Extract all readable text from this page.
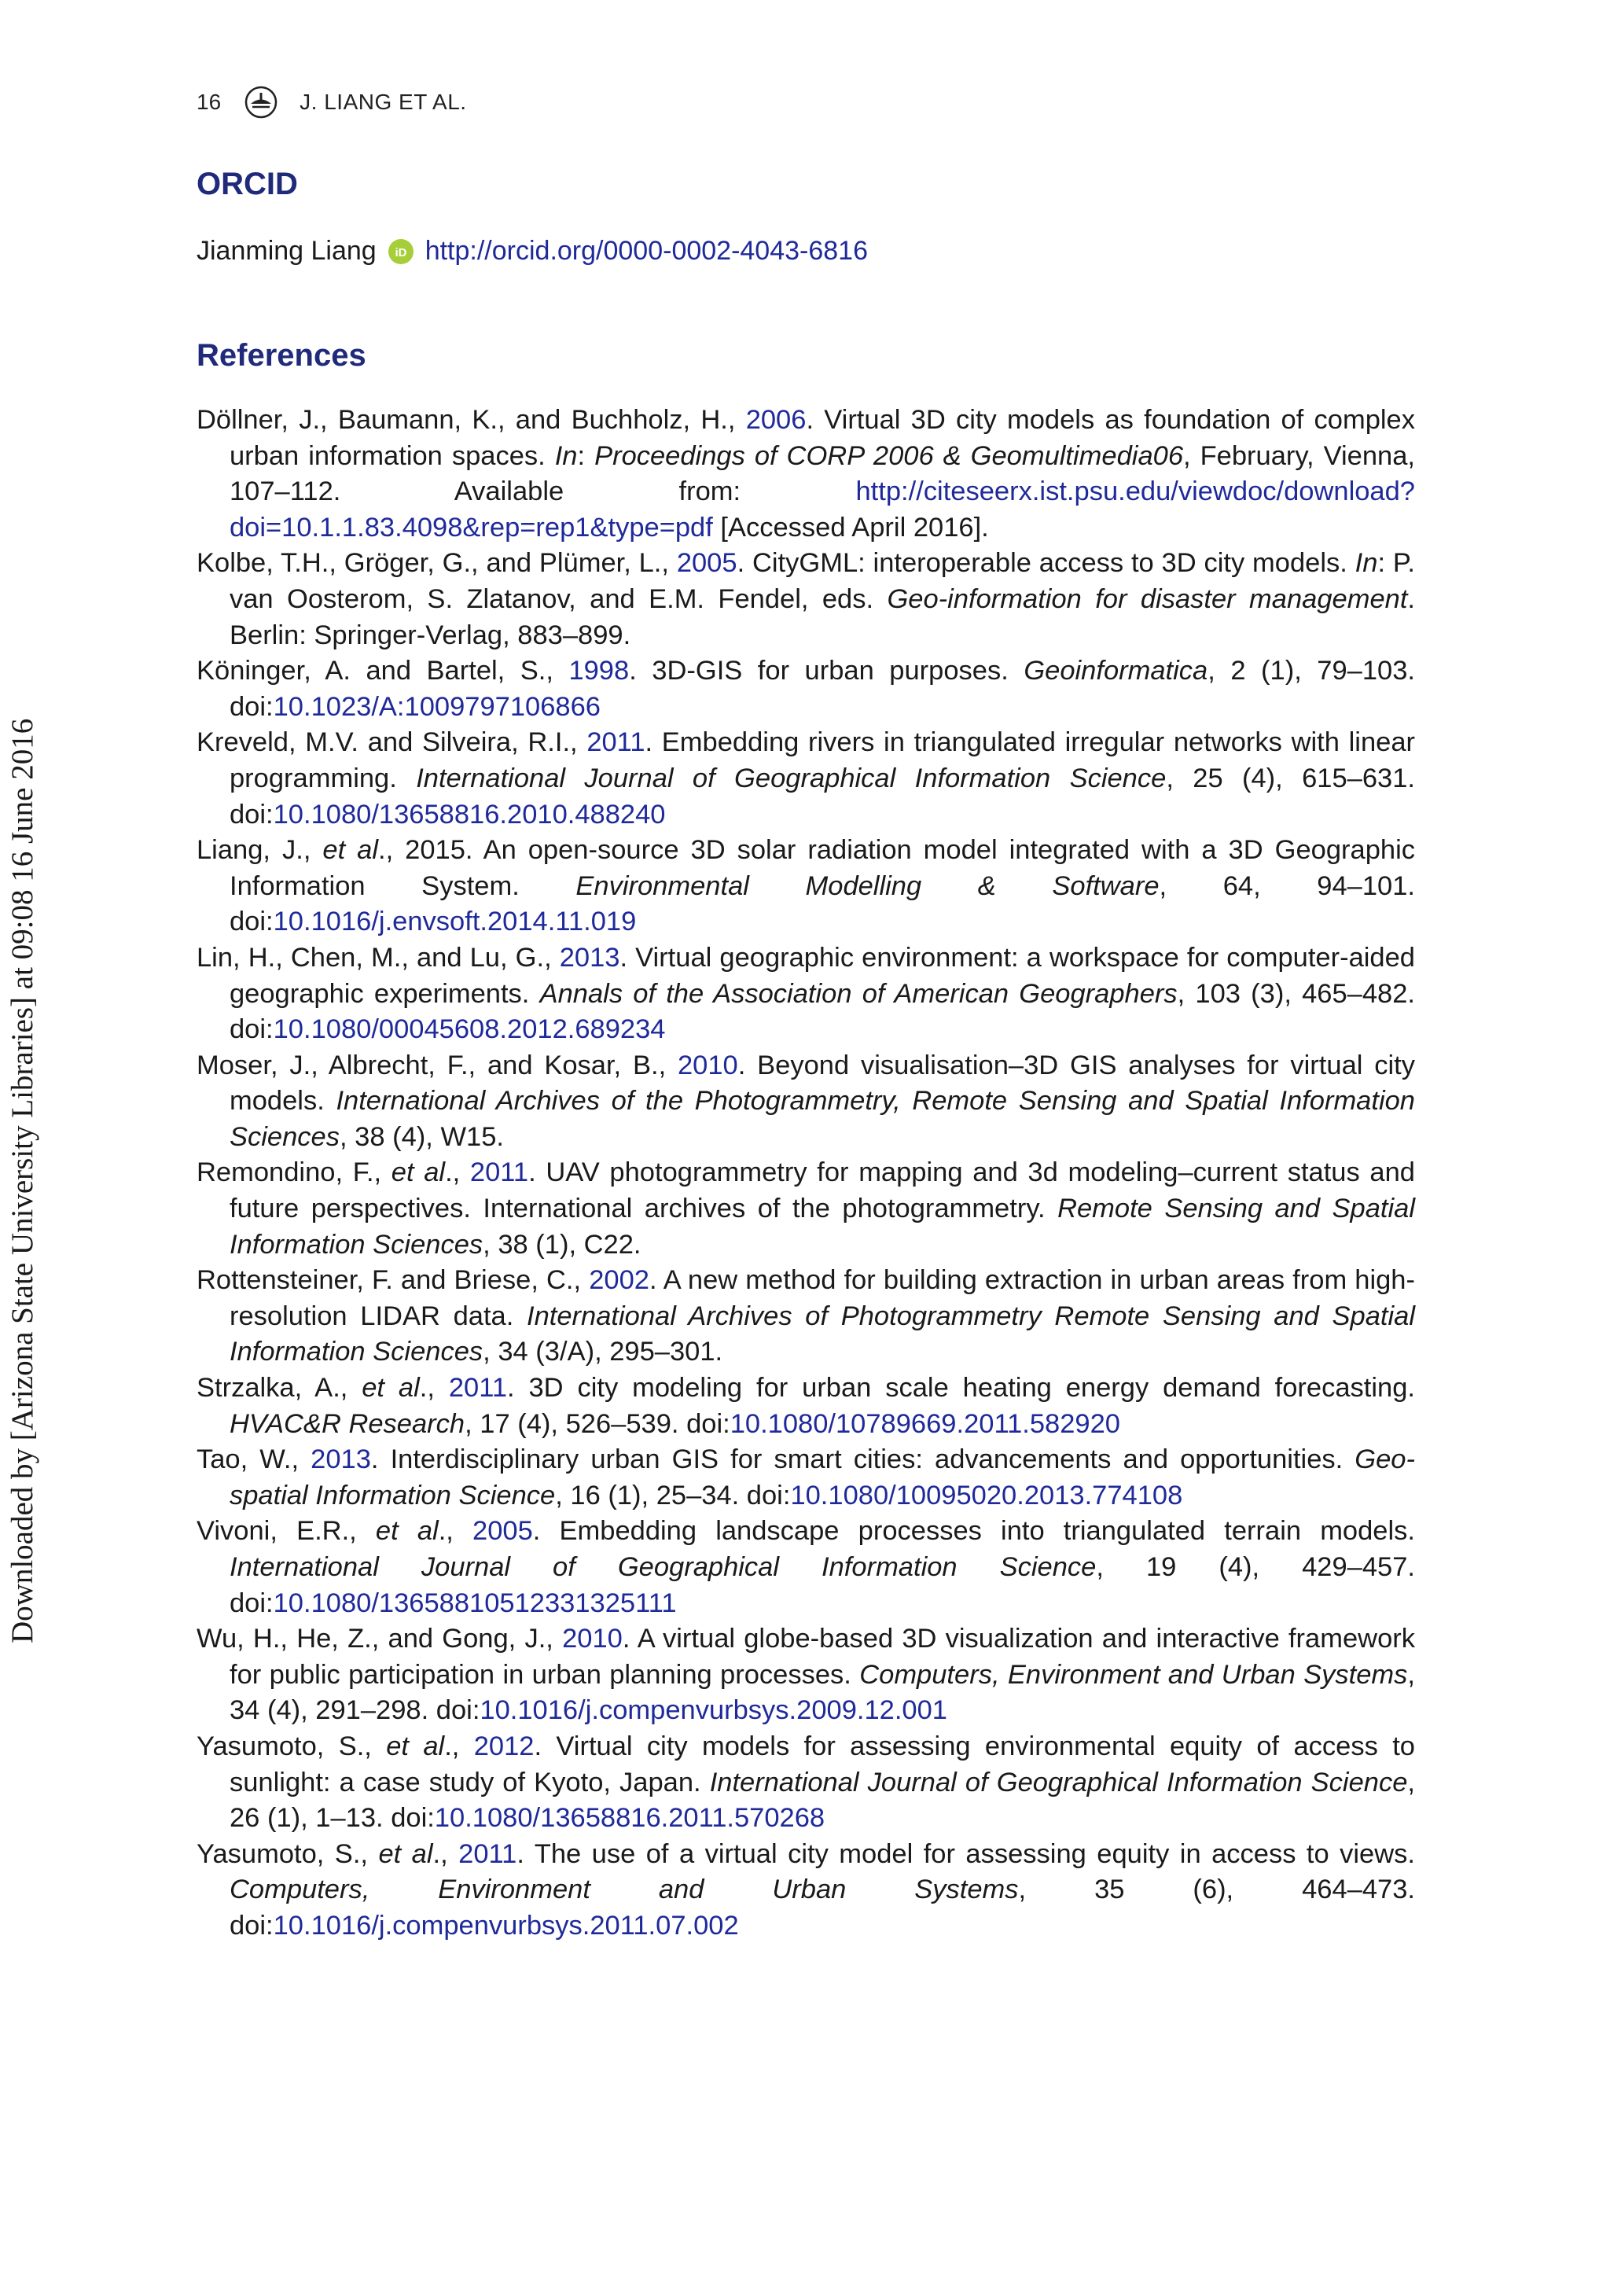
16	J. LIANG ET AL.
ORCID
Jianming Liang iD http://orcid.org/0000-0002-4043-6816
References

Döllner, J., Baumann, K., and Buchholz, H., 2006. Virtual 3D city models as foundation of complex urban information spaces. In: Proceedings of CORP 2006 & Geomultimedia06, February, Vienna, 107–112. Available from: http://citeseerx.ist.psu.edu/viewdoc/download?doi=10.1.1.83.4098&rep=rep1&type=pdf [Accessed April 2016].

Kolbe, T.H., Gröger, G., and Plümer, L., 2005. CityGML: interoperable access to 3D city models. In: P. van Oosterom, S. Zlatanov, and E.M. Fendel, eds. Geo-information for disaster management. Berlin: Springer-Verlag, 883–899.

Köninger, A. and Bartel, S., 1998. 3D-GIS for urban purposes. Geoinformatica, 2 (1), 79–103. doi:10.1023/A:1009797106866

Kreveld, M.V. and Silveira, R.I., 2011. Embedding rivers in triangulated irregular networks with linear programming. International Journal of Geographical Information Science, 25 (4), 615–631. doi:10.1080/13658816.2010.488240

Liang, J., et al., 2015. An open-source 3D solar radiation model integrated with a 3D Geographic Information System. Environmental Modelling & Software, 64, 94–101. doi:10.1016/j.envsoft.2014.11.019

Lin, H., Chen, M., and Lu, G., 2013. Virtual geographic environment: a workspace for computer-aided geographic experiments. Annals of the Association of American Geographers, 103 (3), 465–482. doi:10.1080/00045608.2012.689234

Moser, J., Albrecht, F., and Kosar, B., 2010. Beyond visualisation–3D GIS analyses for virtual city models. International Archives of the Photogrammetry, Remote Sensing and Spatial Information Sciences, 38 (4), W15.

Remondino, F., et al., 2011. UAV photogrammetry for mapping and 3d modeling–current status and future perspectives. International archives of the photogrammetry. Remote Sensing and Spatial Information Sciences, 38 (1), C22.

Rottensteiner, F. and Briese, C., 2002. A new method for building extraction in urban areas from high-resolution LIDAR data. International Archives of Photogrammetry Remote Sensing and Spatial Information Sciences, 34 (3/A), 295–301.

Strzalka, A., et al., 2011. 3D city modeling for urban scale heating energy demand forecasting. HVAC&R Research, 17 (4), 526–539. doi:10.1080/10789669.2011.582920

Tao, W., 2013. Interdisciplinary urban GIS for smart cities: advancements and opportunities. Geo-spatial Information Science, 16 (1), 25–34. doi:10.1080/10095020.2013.774108

Vivoni, E.R., et al., 2005. Embedding landscape processes into triangulated terrain models. International Journal of Geographical Information Science, 19 (4), 429–457. doi:10.1080/13658810512331325111

Wu, H., He, Z., and Gong, J., 2010. A virtual globe-based 3D visualization and interactive framework for public participation in urban planning processes. Computers, Environment and Urban Systems, 34 (4), 291–298. doi:10.1016/j.compenvurbsys.2009.12.001

Yasumoto, S., et al., 2012. Virtual city models for assessing environmental equity of access to sunlight: a case study of Kyoto, Japan. International Journal of Geographical Information Science, 26 (1), 1–13. doi:10.1080/13658816.2011.570268

Yasumoto, S., et al., 2011. The use of a virtual city model for assessing equity in access to views. Computers, Environment and Urban Systems, 35 (6), 464–473. doi:10.1016/j.compenvurbsys.2011.07.002

Downloaded by [Arizona State University Libraries] at 09:08 16 June 2016
